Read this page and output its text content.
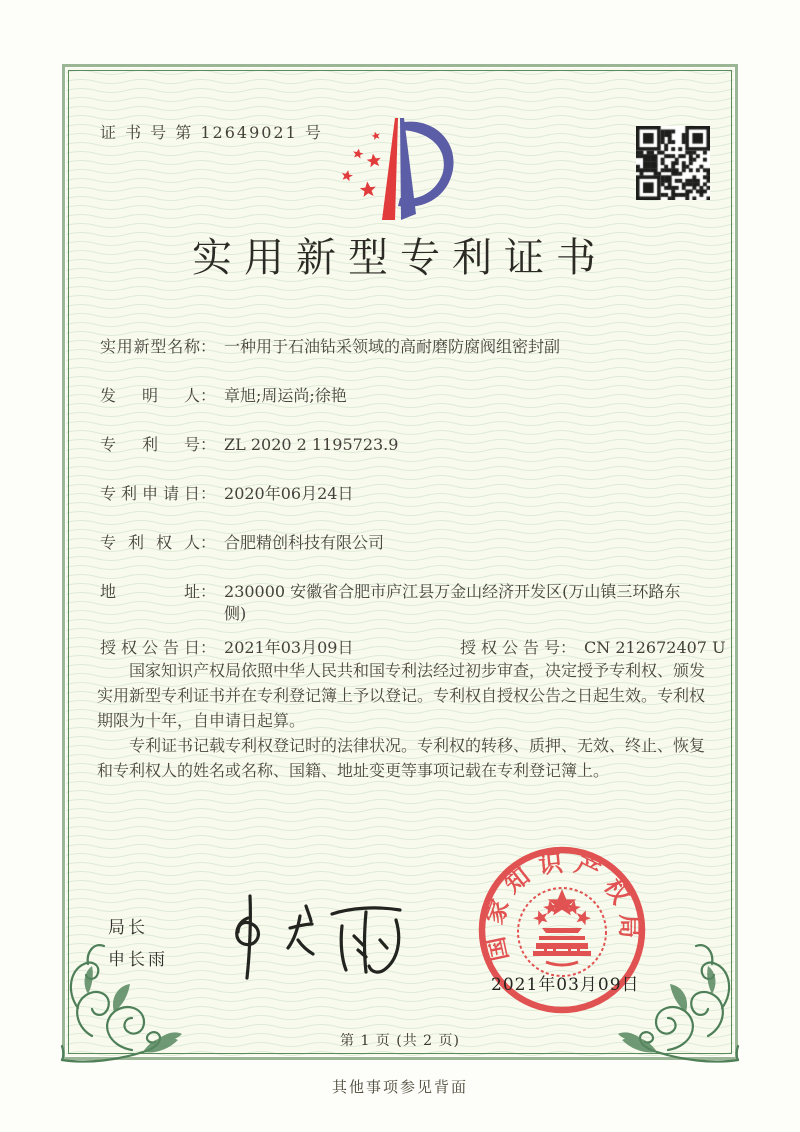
证 书 号 第 12649021 号
实用新型专利证书
实用新型名称： 一种用于石油钻采领域的高耐磨防腐阀组密封副
发明人： 章旭;周运尚;徐艳
专利号： ZL 2020 2 1195723.9
专利申请日： 2020年06月24日
专利权人： 合肥精创科技有限公司
地址： 230000 安徽省合肥市庐江县万金山经济开发区(万山镇三环路东侧)
授权公告日： 2021年03月09日	授权公告号： CN 212672407 U

国家知识产权局依照中华人民共和国专利法经过初步审查，决定授予专利权、颁发实用新型专利证书并在专利登记簿上予以登记。专利权自授权公告之日起生效。专利权期限为十年，自申请日起算。

专利证书记载专利权登记时的法律状况。专利权的转移、质押、无效、终止、恢复和专利权人的姓名或名称、国籍、地址变更等事项记载在专利登记簿上。

局长
申长雨	国家知识产权局
2021年03月09日
第 1 页 (共 2 页)
其他事项参见背面
